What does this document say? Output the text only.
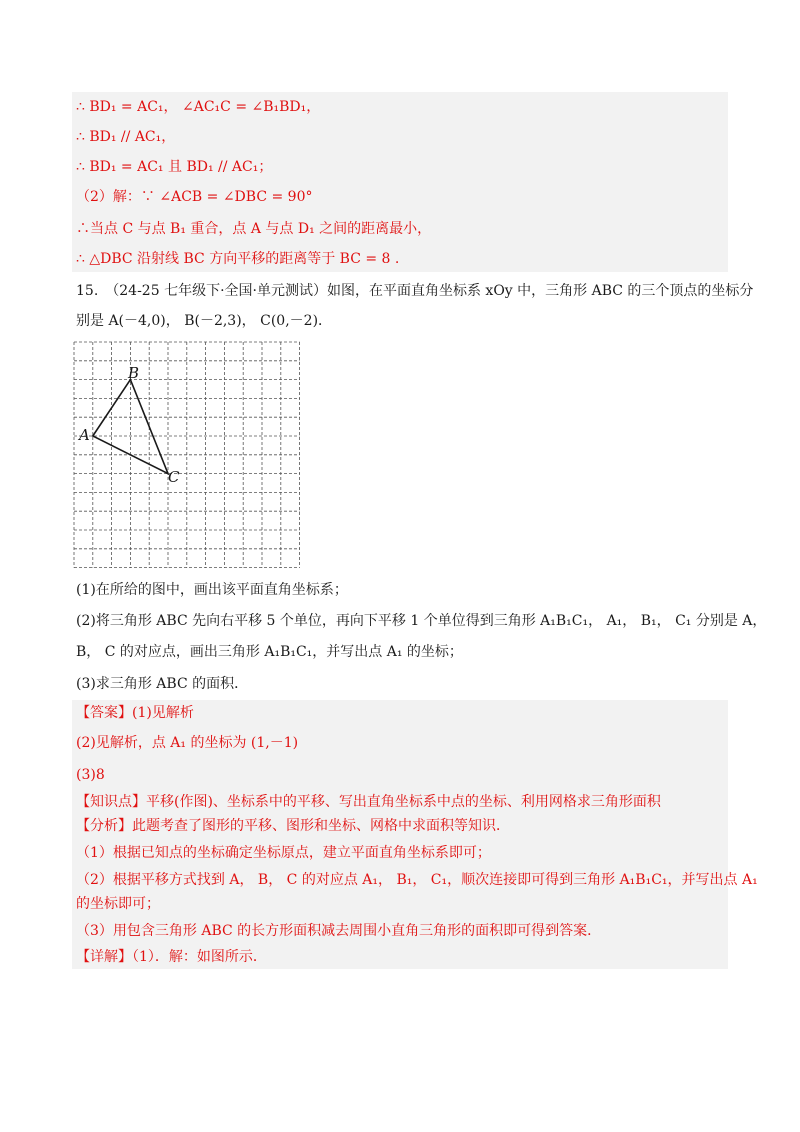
∴ BD₁ = AC₁， ∠AC₁C = ∠B₁BD₁，
∴ BD₁ // AC₁，
∴ BD₁ = AC₁ 且 BD₁ // AC₁；
（2）解：∵ ∠ACB = ∠DBC = 90°
∴当点 C 与点 B₁ 重合，点 A 与点 D₁ 之间的距离最小，
∴ △DBC 沿射线 BC 方向平移的距离等于 BC = 8 .
15.　（24-25 七年级下·全国·单元测试）如图，在平面直角坐标系 xOy 中，三角形 ABC 的三个顶点的坐标分
别是 A(－4,0)， B(－2,3)， C(0,－2)．
A
B
C
(1)在所给的图中，画出该平面直角坐标系；
(2)将三角形 ABC 先向右平移 5 个单位，再向下平移 1 个单位得到三角形 A₁B₁C₁， A₁， B₁， C₁ 分别是 A，
B， C 的对应点，画出三角形 A₁B₁C₁，并写出点 A₁ 的坐标；
(3)求三角形 ABC 的面积．
【答案】(1)见解析
(2)见解析，点 A₁ 的坐标为 (1,－1)
(3)8
【知识点】平移(作图)、坐标系中的平移、写出直角坐标系中点的坐标、利用网格求三角形面积
【分析】此题考查了图形的平移、图形和坐标、网格中求面积等知识．
（1）根据已知点的坐标确定坐标原点，建立平面直角坐标系即可；
（2）根据平移方式找到 A， B， C 的对应点 A₁， B₁， C₁，顺次连接即可得到三角形 A₁B₁C₁，并写出点 A₁
的坐标即可；
（3）用包含三角形 ABC 的长方形面积减去周围小直角三角形的面积即可得到答案．
【详解】（1）．解：如图所示．
